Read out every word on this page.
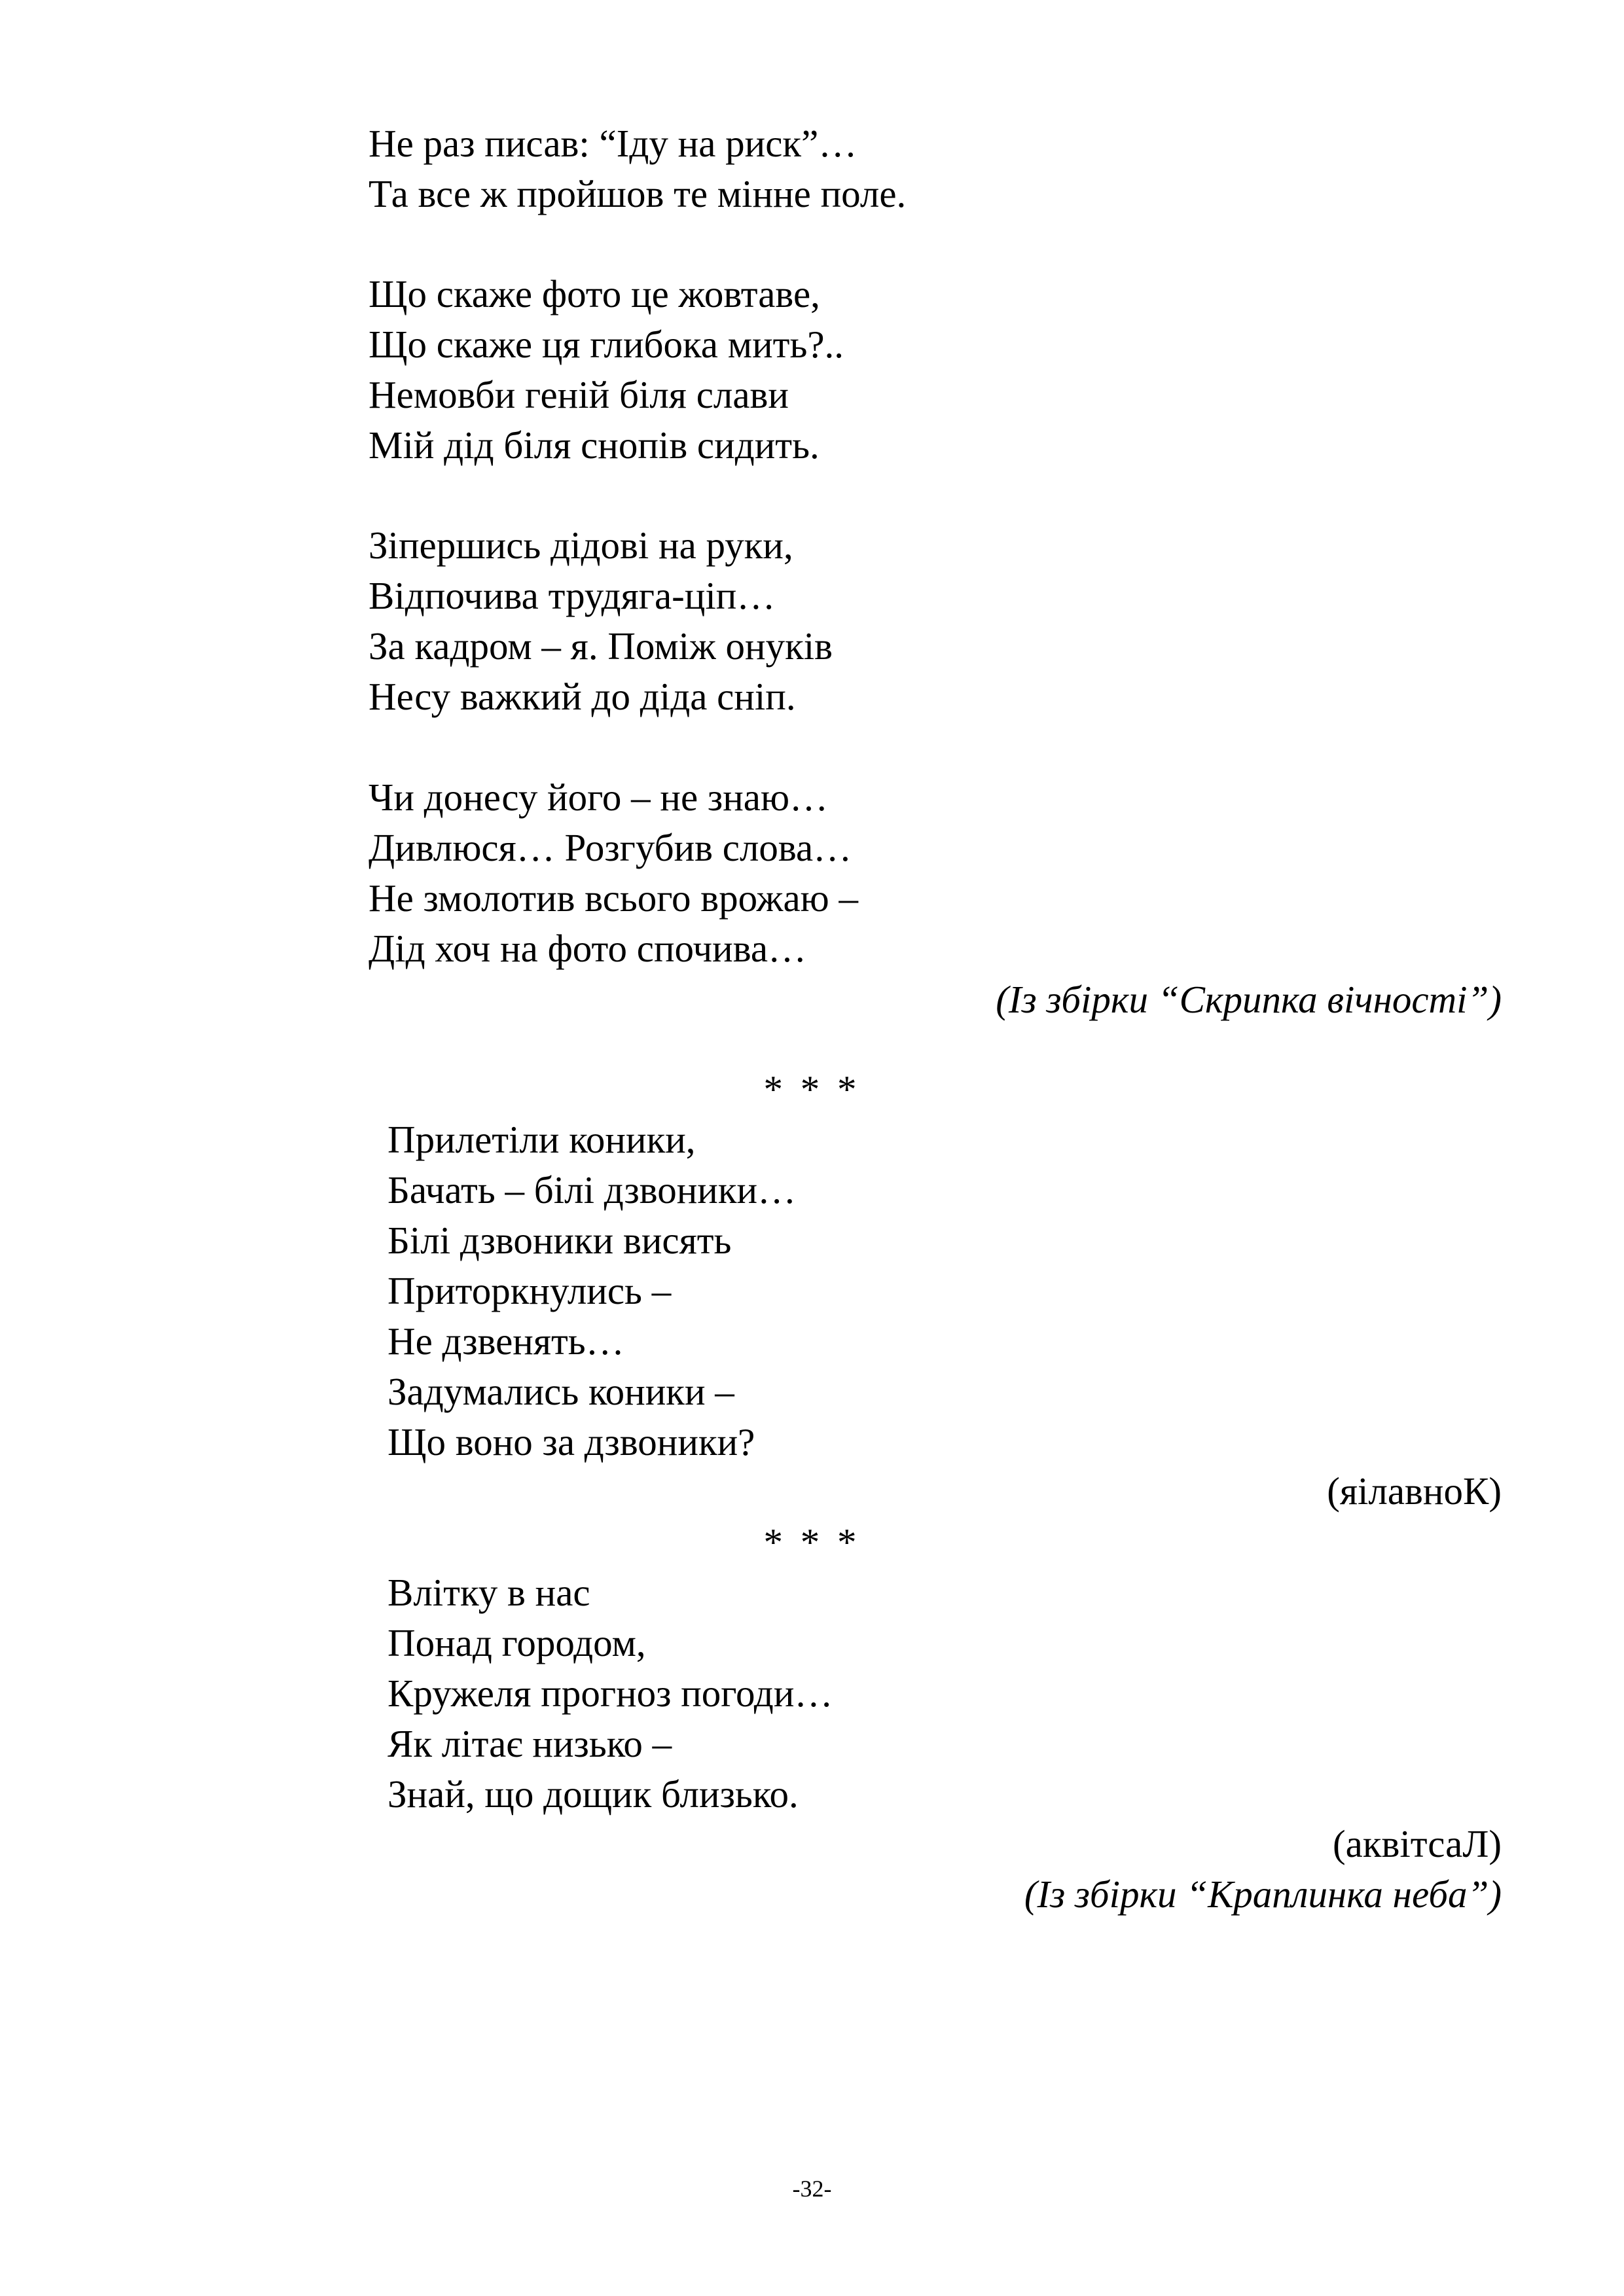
Не раз писав: “Іду на риск”…
Та все ж пройшов те мінне поле.
Що скаже фото це жовтаве,
Що скаже ця глибока мить?..
Немовби геній біля слави
Мій дід біля снопів сидить.
Зіпершись дідові на руки,
Відпочива трудяга-ціп…
За кадром – я. Поміж онуків
Несу важкий до діда сніп.
Чи донесу його – не знаю…
Дивлюся… Розгубив слова…
Не змолотив всього врожаю –
Дід хоч на фото спочива…
(Із збірки “Скрипка вічності”)
* * *
Прилетіли коники,
Бачать – білі дзвоники…
Білі дзвоники висять
Приторкнулись –
Не дзвенять…
Задумались коники –
Що воно за дзвоники?
(яілавноК)
* * *
Влітку в нас
Понад городом,
Кружеля прогноз погоди…
Як літає низько –
Знай, що дощик близько.
(аквітсаЛ)
(Із збірки “Краплинка неба”)
-32-
